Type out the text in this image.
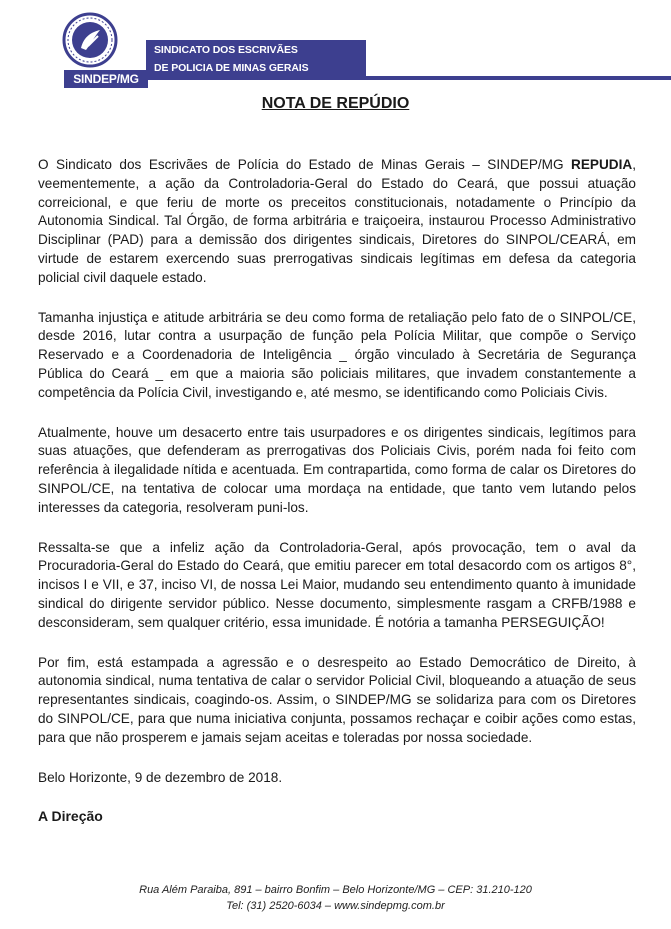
SINDEP/MG
SINDICATO DOS ESCRIVÃES
DE POLICIA DE MINAS GERAIS
NOTA DE REPÚDIO

O Sindicato dos Escrivães de Polícia do Estado de Minas Gerais – SINDEP/MG REPUDIA, veementemente, a ação da Controladoria-Geral do Estado do Ceará, que possui atuação correicional, e que feriu de morte os preceitos constitucionais, notadamente o Princípio da Autonomia Sindical. Tal Órgão, de forma arbitrária e traiçoeira, instaurou Processo Administrativo Disciplinar (PAD) para a demissão dos dirigentes sindicais, Diretores do SINPOL/CEARÁ, em virtude de estarem exercendo suas prerrogativas sindicais legítimas em defesa da categoria policial civil daquele estado.

Tamanha injustiça e atitude arbitrária se deu como forma de retaliação pelo fato de o SINPOL/CE, desde 2016, lutar contra a usurpação de função pela Polícia Militar, que compõe o Serviço Reservado e a Coordenadoria de Inteligência _ órgão vinculado à Secretária de Segurança Pública do Ceará _ em que a maioria são policiais militares, que invadem constantemente a competência da Polícia Civil, investigando e, até mesmo, se identificando como Policiais Civis.

Atualmente, houve um desacerto entre tais usurpadores e os dirigentes sindicais, legítimos para suas atuações, que defenderam as prerrogativas dos Policiais Civis, porém nada foi feito com referência à ilegalidade nítida e acentuada. Em contrapartida, como forma de calar os Diretores do SINPOL/CE, na tentativa de colocar uma mordaça na entidade, que tanto vem lutando pelos interesses da categoria, resolveram puni-los.

Ressalta-se que a infeliz ação da Controladoria-Geral, após provocação, tem o aval da Procuradoria-Geral do Estado do Ceará, que emitiu parecer em total desacordo com os artigos 8°, incisos I e VII, e 37, inciso VI, de nossa Lei Maior, mudando seu entendimento quanto à imunidade sindical do dirigente servidor público. Nesse documento, simplesmente rasgam a CRFB/1988 e desconsideram, sem qualquer critério, essa imunidade. É notória a tamanha PERSEGUIÇÃO!

Por fim, está estampada a agressão e o desrespeito ao Estado Democrático de Direito, à autonomia sindical, numa tentativa de calar o servidor Policial Civil, bloqueando a atuação de seus representantes sindicais, coagindo-os. Assim, o SINDEP/MG se solidariza para com os Diretores do SINPOL/CE, para que numa iniciativa conjunta, possamos rechaçar e coibir ações como estas, para que não prosperem e jamais sejam aceitas e toleradas por nossa sociedade.

Belo Horizonte, 9 de dezembro de 2018.

A Direção

Rua Além Paraiba, 891 – bairro Bonfim – Belo Horizonte/MG – CEP: 31.210-120
Tel: (31) 2520-6034 – www.sindepmg.com.br
